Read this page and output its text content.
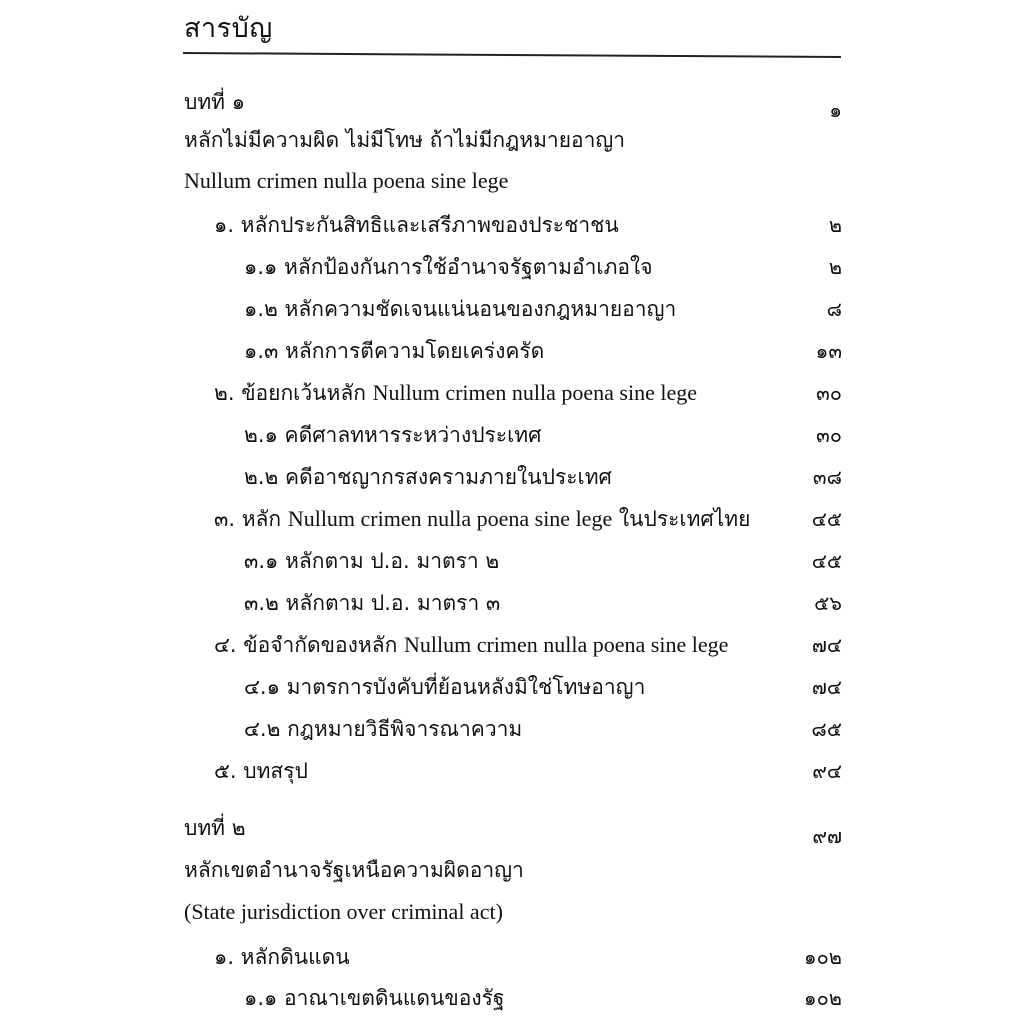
สารบัญ
บทที่ ๑	๑
หลักไม่มีความผิด ไม่มีโทษ ถ้าไม่มีกฎหมายอาญา
Nullum crimen nulla poena sine lege
๑. หลักประกันสิทธิและเสรีภาพของประชาชน	๒
๑.๑ หลักป้องกันการใช้อำนาจรัฐตามอำเภอใจ	๒
๑.๒ หลักความชัดเจนแน่นอนของกฎหมายอาญา	๘
๑.๓ หลักการตีความโดยเคร่งครัด	๑๓
๒. ข้อยกเว้นหลัก Nullum crimen nulla poena sine lege	๓๐
๒.๑ คดีศาลทหารระหว่างประเทศ	๓๐
๒.๒ คดีอาชญากรสงครามภายในประเทศ	๓๘
๓. หลัก Nullum crimen nulla poena sine lege ในประเทศไทย	๔๕
๓.๑ หลักตาม ป.อ. มาตรา ๒	๔๕
๓.๒ หลักตาม ป.อ. มาตรา ๓	๕๖
๔. ข้อจำกัดของหลัก Nullum crimen nulla poena sine lege	๗๔
๔.๑ มาตรการบังคับที่ย้อนหลังมิใช่โทษอาญา	๗๔
๔.๒ กฎหมายวิธีพิจารณาความ	๘๕
๕. บทสรุป	๙๔
บทที่ ๒	๙๗
หลักเขตอำนาจรัฐเหนือความผิดอาญา
(State jurisdiction over criminal act)
๑. หลักดินแดน	๑๐๒
๑.๑ อาณาเขตดินแดนของรัฐ	๑๐๒
